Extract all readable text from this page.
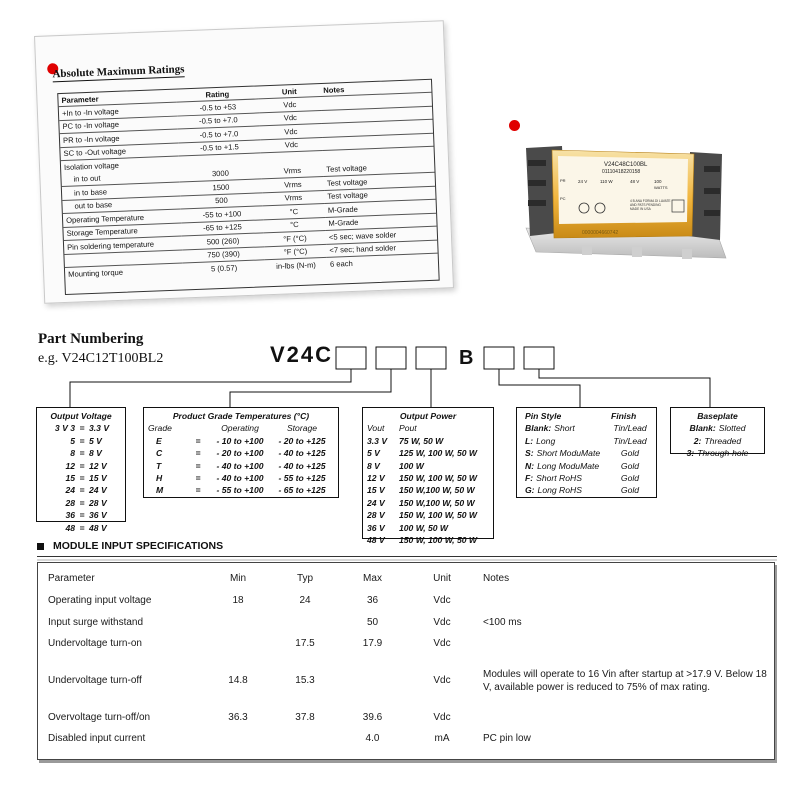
Absolute Maximum Ratings
Parameter	Rating	Unit	Notes
+In to -In voltage	-0.5 to +53	Vdc	
PC to -In voltage	-0.5 to +7.0	Vdc	
PR to -In voltage	-0.5 to +7.0	Vdc	
SC to -Out voltage	-0.5 to +1.5	Vdc	
Isolation voltage			
in to out	3000	Vrms	Test voltage
in to base	1500	Vrms	Test voltage
out to base	500	Vrms	Test voltage
Operating Temperature	-55 to +100	°C	M-Grade
Storage Temperature	-65 to +125	°C	M-Grade
Pin soldering temperature	500 (260)	°F (°C)	<5 sec; wave solder
	750 (390)	°F (°C)	<7 sec; hand solder
Mounting torque	5 (0.57)	in-lbs (N-m)	6 each
V24C48C100BL
01110418220158
PR	24 V	110 W	48 V	100
WATTS
PC	4 B ANA FORMA DI LAVATE
AND PATS PENDING
MADE IN USA
0000004660742
Part Numbering
e.g. V24C12T100BL2	V24C	B
Output Voltage
3 V 3 = 3.3 V
5 = 5 V
8 = 8 V
12 = 12 V
15 = 15 V
24 = 24 V
28 = 28 V
36 = 36 V
48 = 48 V
Product Grade Temperatures (°C)
Grade	Operating	Storage
E	=	- 10 to +100	- 20 to +125
C	=	- 20 to +100	- 40 to +125
T	=	- 40 to +100	- 40 to +125
H	=	- 40 to +100	- 55 to +125
M	=	- 55 to +100	- 65 to +125
Output Power
Vout	Pout
3.3 V	75 W, 50 W
5 V	125 W, 100 W, 50 W
8 V	100 W
12 V	150 W, 100 W, 50 W
15 V	150 W,100 W, 50 W
24 V	150 W,100 W, 50 W
28 V	150 W, 100 W, 50 W
36 V	100 W, 50 W
48 V	150 W, 100 W, 50 W
Pin Style	Finish
Blank: Short	Tin/Lead
L: Long	Tin/Lead
S: Short ModuMate	Gold
N: Long ModuMate	Gold
F: Short RoHS	Gold
G: Long RoHS	Gold
Baseplate
Blank: Slotted
2: Threaded
3: Through-hole
MODULE INPUT SPECIFICATIONS
Parameter	Min	Typ	Max	Unit	Notes
Operating input voltage	18	24	36	Vdc	
Input surge withstand			50	Vdc	<100 ms
Undervoltage turn-on		17.5	17.9	Vdc	
Undervoltage turn-off	14.8	15.3		Vdc	Modules will operate to 16 Vin after startup at >17.9 V. Below 18 V, available power is reduced to 75% of max rating.
Overvoltage turn-off/on	36.3	37.8	39.6	Vdc	
Disabled input current			4.0	mA	PC pin low
